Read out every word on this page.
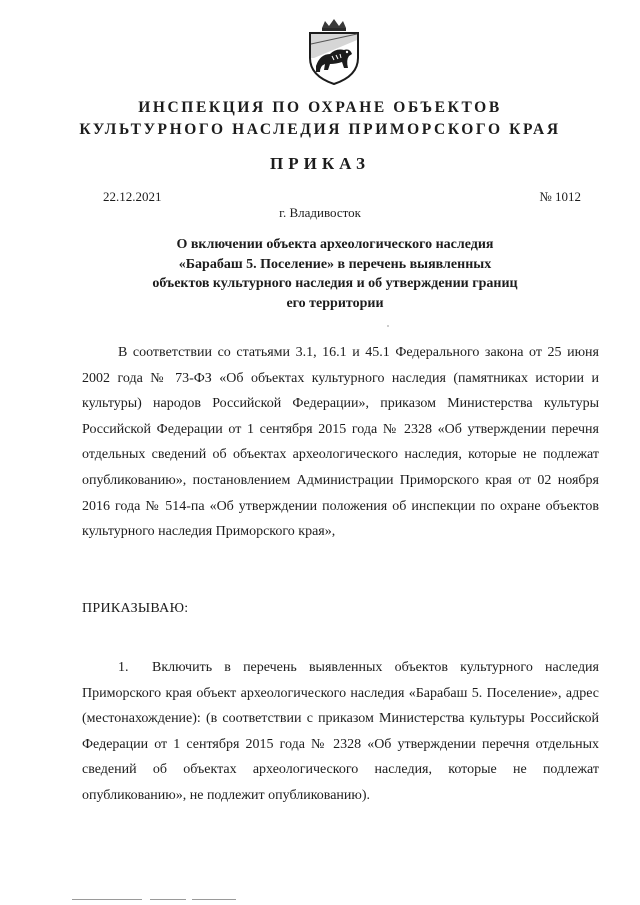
ИНСПЕКЦИЯ ПО ОХРАНЕ ОБЪЕКТОВ
КУЛЬТУРНОГО НАСЛЕДИЯ ПРИМОРСКОГО КРАЯ
ПРИКАЗ
22.12.2021	№ 1012
г. Владивосток
О включении объекта археологического наследия «Барабаш 5. Поселение» в перечень выявленных объектов культурного наследия и об утверждении границ его территории
В соответствии со статьями 3.1, 16.1 и 45.1 Федерального закона от 25 июня 2002 года № 73-ФЗ «Об объектах культурного наследия (памятниках истории и культуры) народов Российской Федерации», приказом Министерства культуры Российской Федерации от 1 сентября 2015 года № 2328 «Об утверждении перечня отдельных сведений об объектах археологического наследия, которые не подлежат опубликованию», постановлением Администрации Приморского края от 02 ноября 2016 года № 514-па «Об утверждении положения об инспекции по охране объектов культурного наследия Приморского края»,
ПРИКАЗЫВАЮ:
1. Включить в перечень выявленных объектов культурного наследия Приморского края объект археологического наследия «Барабаш 5. Поселение», адрес (местонахождение): (в соответствии с приказом Министерства культуры Российской Федерации от 1 сентября 2015 года № 2328 «Об утверждении перечня отдельных сведений об объектах археологического наследия, которые не подлежат опубликованию», не подлежит опубликованию).
